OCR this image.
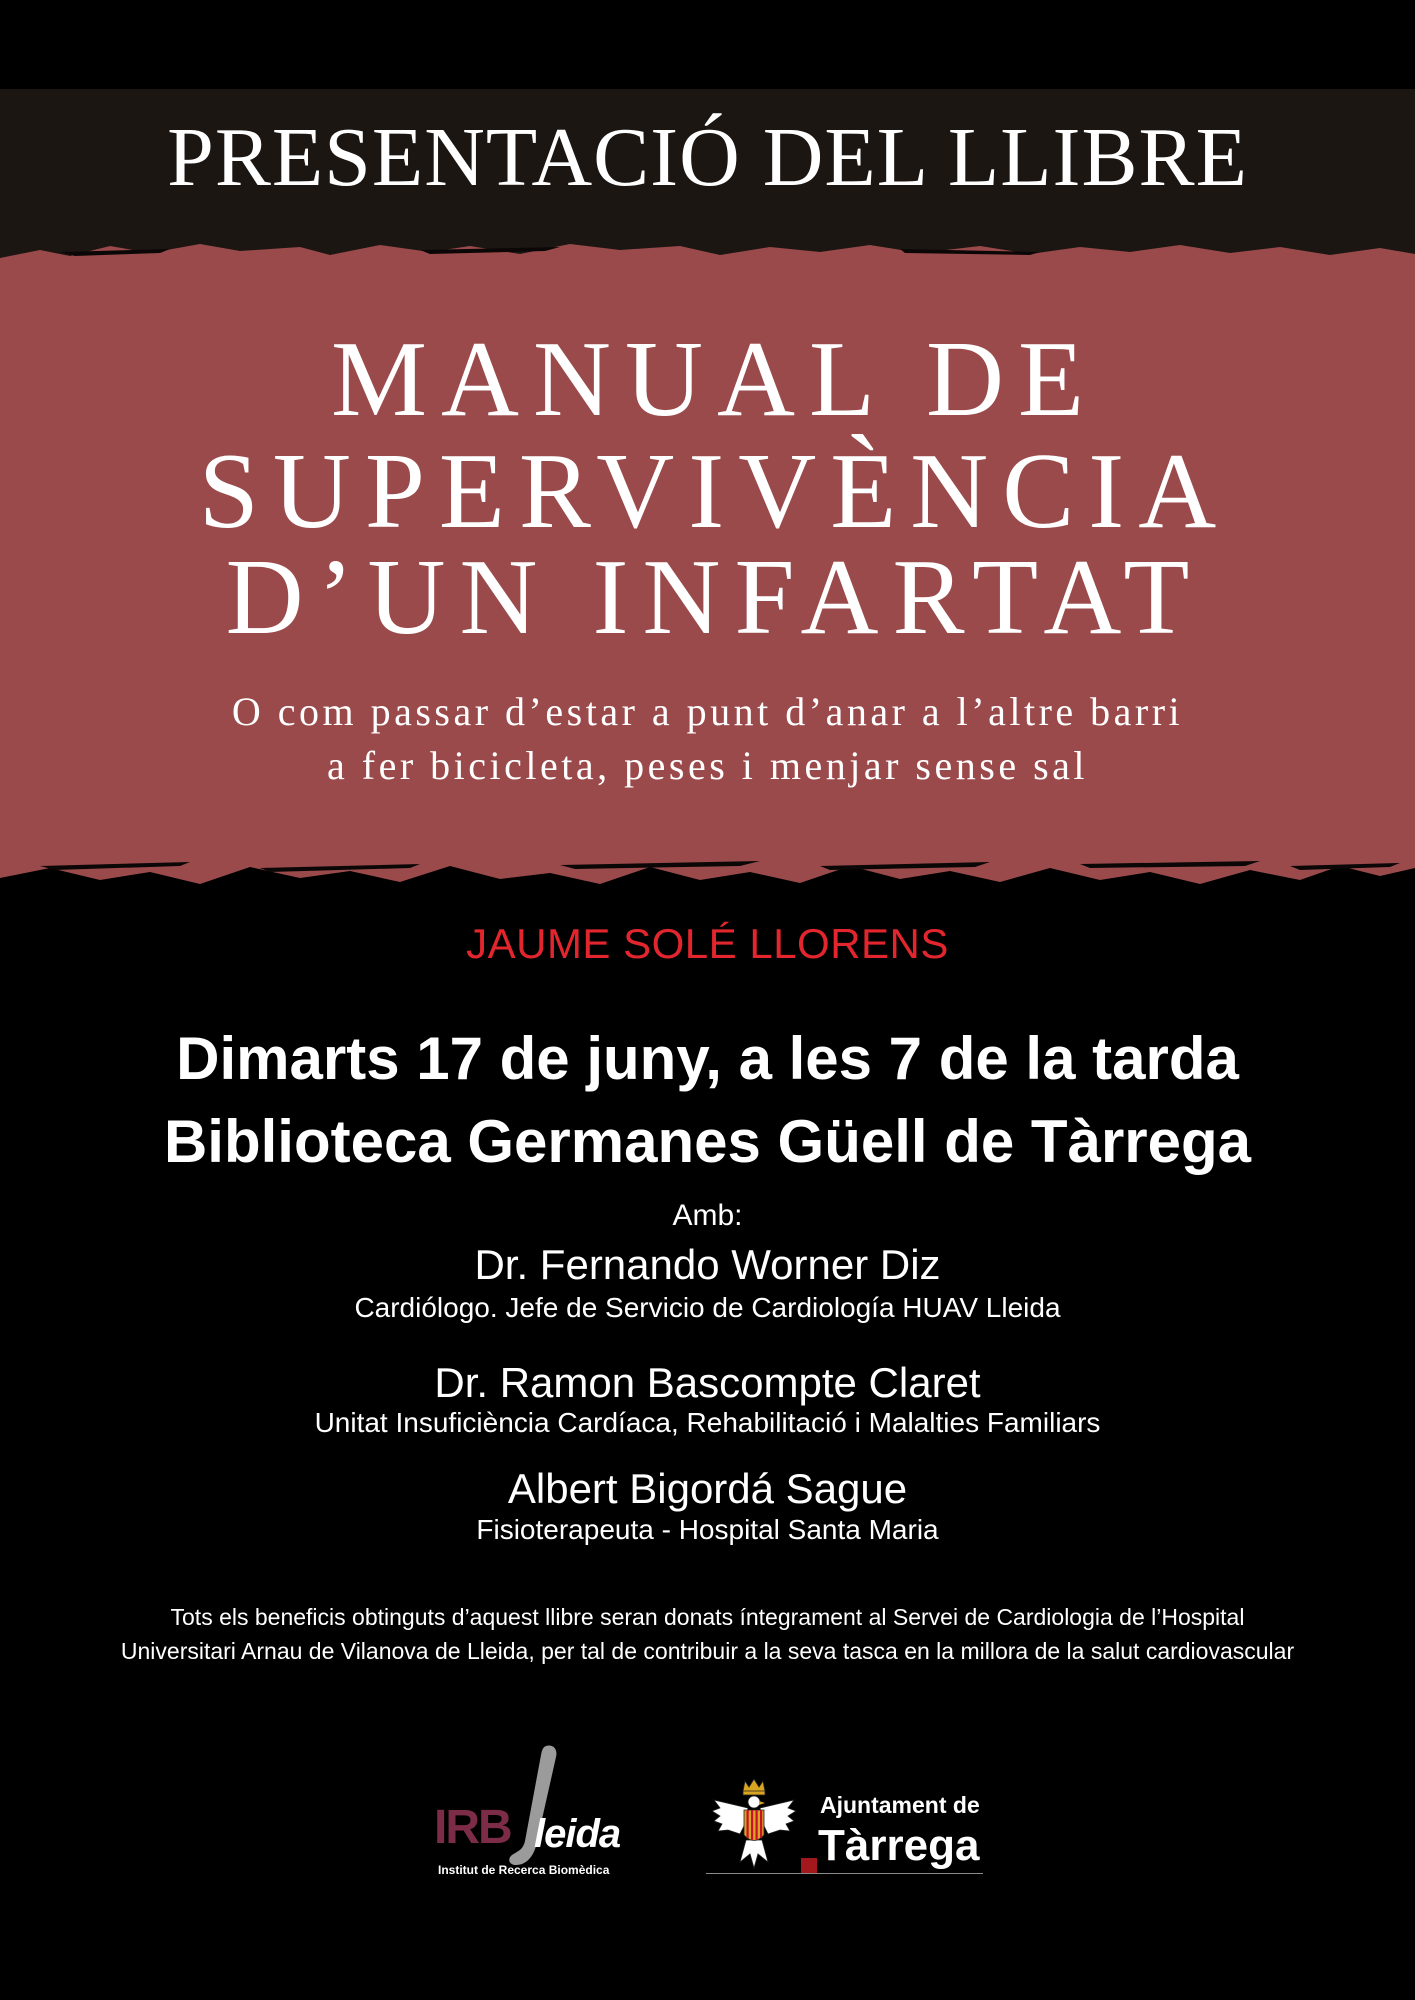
PRESENTACIÓ DEL LLIBRE
MANUAL DE
SUPERVIVÈNCIA
D’UN INFARTAT
O com passar d’estar a punt d’anar a l’altre barri
a fer bicicleta, peses i menjar sense sal
JAUME SOLÉ LLORENS
Dimarts 17 de juny, a les 7 de la tarda
Biblioteca Germanes Güell de Tàrrega
Amb:
Dr. Fernando Worner Diz
Cardiólogo. Jefe de Servicio de Cardiología HUAV Lleida
Dr. Ramon Bascompte Claret
Unitat Insuficiència Cardíaca, Rehabilitació i Malalties Familiars
Albert Bigordá Sague
Fisioterapeuta - Hospital Santa Maria
Tots els beneficis obtinguts d’aquest llibre seran donats íntegrament al Servei de Cardiologia de l’Hospital
Universitari Arnau de Vilanova de Lleida, per tal de contribuir a la seva tasca en la millora de la salut cardiovascular
IRB leida
Institut de Recerca Biomèdica
Ajuntament de
Tàrrega
